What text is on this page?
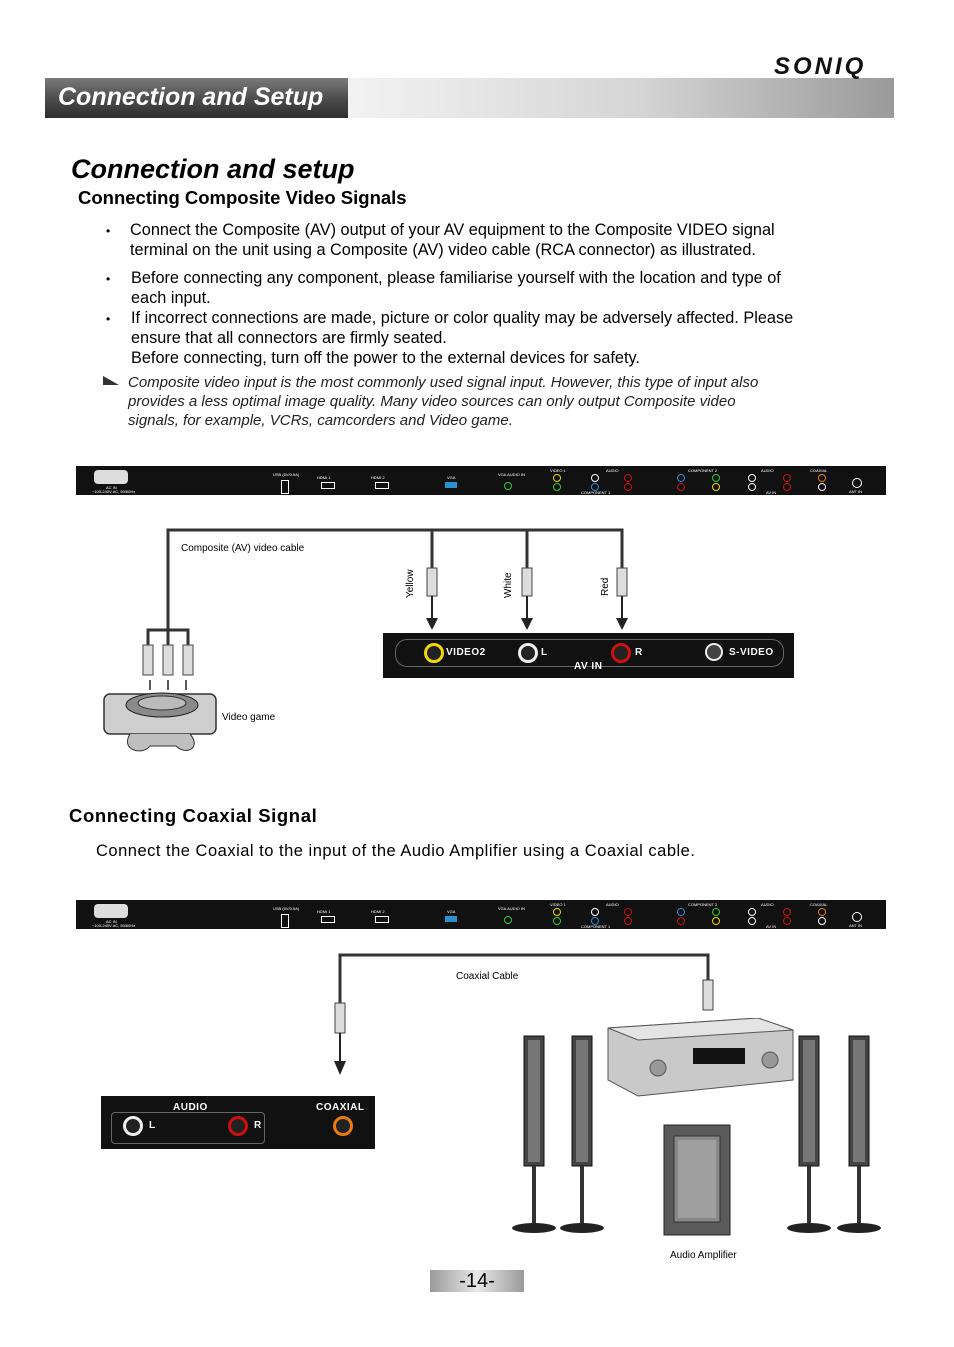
Connection and Setup
SONIQ
Connection and setup
Connecting Composite Video Signals
• Connect the Composite (AV) output of your AV equipment to the Composite VIDEO signal
terminal on the unit using a Composite (AV) video cable (RCA connector) as illustrated.
• Before connecting any component, please familiarise yourself with the location and type of
each input.
• If incorrect connections are made, picture or color quality may be adversely affected. Please
ensure that all connectors are firmly seated.
Before connecting, turn off the power to the external devices for safety.
Composite video input is the most commonly used signal input. However, this type of input also
provides a less optimal image quality. Many video sources can only output Composite video
signals, for example, VCRs, camcorders and Video game.
AC IN
~100-240V AC, 50/60Hz
USB (5V/0.5A)
HDMI 1	HDMI 2	VGA
VGA AUDIO IN
VIDEO 1	AUDIO
COMPONENT 1
COMPONENT 2	AUDIO	COAXIAL
AV IN	ANT IN
Composite (AV) video cable
Yellow	White	Red
Video game
VIDEO2	L	R	S-VIDEO
AV IN
Connecting Coaxial Signal
Connect the Coaxial to the input of the Audio Amplifier using a Coaxial cable.
AC IN
~100-240V AC, 50/60Hz
USB (5V/0.5A)
HDMI 1	HDMI 2	VGA
VGA AUDIO IN
VIDEO 1	AUDIO
COMPONENT 1
COMPONENT 2	AUDIO	COAXIAL
AV IN	ANT IN
Coaxial Cable
AUDIO	COAXIAL
L	R
Audio Amplifier
-14-
